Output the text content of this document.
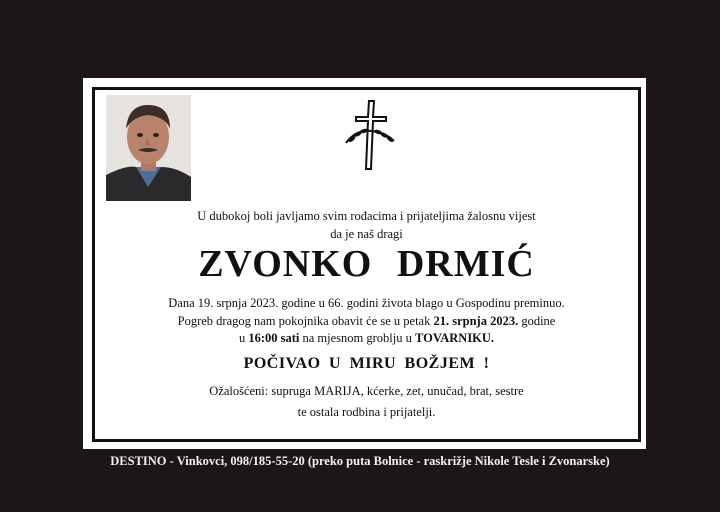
U dubokoj boli javljamo svim rođacima i prijateljima žalosnu vijest
da je naš dragi
ZVONKO DRMIĆ
Dana 19. srpnja 2023. godine u 66. godini života blago u Gospodinu preminuo.
Pogreb dragog nam pokojnika obavit će se u petak 21. srpnja 2023. godine
u 16:00 sati na mjesnom groblju u TOVARNIKU.
POČIVAO U MIRU BOŽJEM !
Ožalošćeni: supruga MARIJA, kćerke, zet, unučad, brat, sestre
te ostala rodbina i prijatelji.
DESTINO - Vinkovci, 098/185-55-20 (preko puta Bolnice - raskrižje Nikole Tesle i Zvonarske)
